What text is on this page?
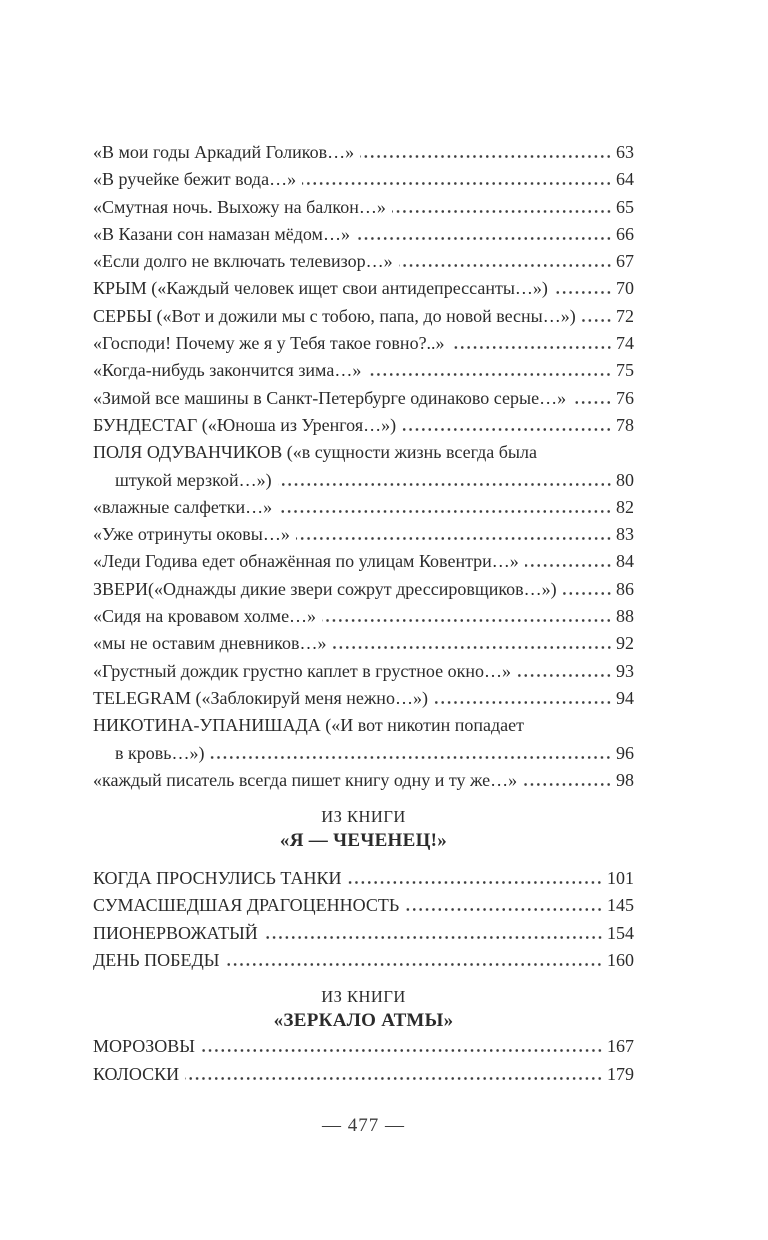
«В мои годы Аркадий Голиков…»	63
«В ручейке бежит вода…»	64
«Смутная ночь. Выхожу на балкон…»	65
«В Казани сон намазан мёдом…»	66
«Если долго не включать телевизор…»	67
КРЫМ («Каждый человек ищет свои антидепрессанты…»)	70
СЕРБЫ («Вот и дожили мы с тобою, папа, до новой весны…») 72
«Господи! Почему же я у Тебя такое говно?..»	74
«Когда-нибудь закончится зима…»	75
«Зимой все машины в Санкт-Петербурге одинаково серые…»	76
БУНДЕСТАГ («Юноша из Уренгоя…»)	78
ПОЛЯ ОДУВАНЧИКОВ («в сущности жизнь всегда была
штукой мерзкой…»)	80
«влажные салфетки…»	82
«Уже отринуты оковы…»	83
«Леди Годива едет обнажённая по улицам Ковентри…»	84
ЗВЕРИ(«Однажды дикие звери сожрут дрессировщиков…»)	86
«Сидя на кровавом холме…»	88
«мы не оставим дневников…»	92
«Грустный дождик грустно каплет в грустное окно…»	93
TELEGRAM («Заблокируй меня нежно…»)	94
НИКОТИНА-УПАНИШАДА («И вот никотин попадает
в кровь…»)	96
«каждый писатель всегда пишет книгу одну и ту же…»	98
ИЗ КНИГИ
«Я — ЧЕЧЕНЕЦ!»
КОГДА ПРОСНУЛИСЬ ТАНКИ	101
СУМАСШЕДШАЯ ДРАГОЦЕННОСТЬ	145
ПИОНЕРВОЖАТЫЙ	154
ДЕНЬ ПОБЕДЫ	160
ИЗ КНИГИ
«ЗЕРКАЛО АТМЫ»
МОРОЗОВЫ	167
КОЛОСКИ	179
— 477 —
